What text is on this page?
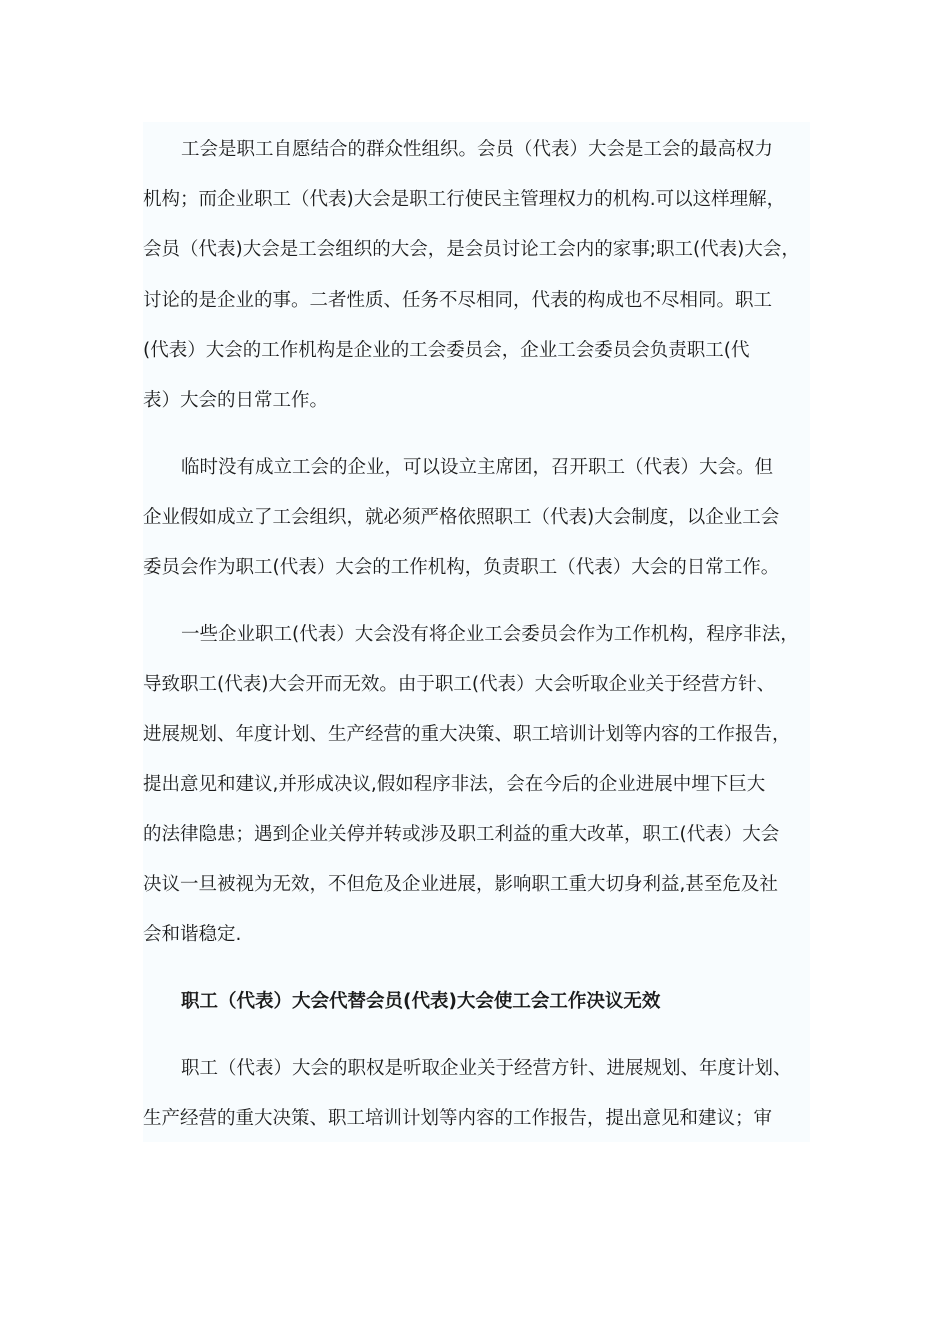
工会是职工自愿结合的群众性组织。会员（代表）大会是工会的最高权力
机构；而企业职工（代表)大会是职工行使民主管理权力的机构.可以这样理解，
会员（代表)大会是工会组织的大会，是会员讨论工会内的家事;职工(代表)大会，
讨论的是企业的事。二者性质、任务不尽相同，代表的构成也不尽相同。职工
(代表）大会的工作机构是企业的工会委员会，企业工会委员会负责职工(代
表）大会的日常工作。
临时没有成立工会的企业，可以设立主席团，召开职工（代表）大会。但
企业假如成立了工会组织，就必须严格依照职工（代表)大会制度，以企业工会
委员会作为职工(代表）大会的工作机构，负责职工（代表）大会的日常工作。
一些企业职工(代表）大会没有将企业工会委员会作为工作机构，程序非法，
导致职工(代表)大会开而无效。由于职工(代表）大会听取企业关于经营方针、
进展规划、年度计划、生产经营的重大决策、职工培训计划等内容的工作报告，
提出意见和建议,并形成决议,假如程序非法，会在今后的企业进展中埋下巨大
的法律隐患；遇到企业关停并转或涉及职工利益的重大改革，职工(代表）大会
决议一旦被视为无效，不但危及企业进展，影响职工重大切身利益,甚至危及社
会和谐稳定.
职工（代表）大会代替会员(代表)大会使工会工作决议无效
职工（代表）大会的职权是听取企业关于经营方针、进展规划、年度计划、
生产经营的重大决策、职工培训计划等内容的工作报告，提出意见和建议；审
